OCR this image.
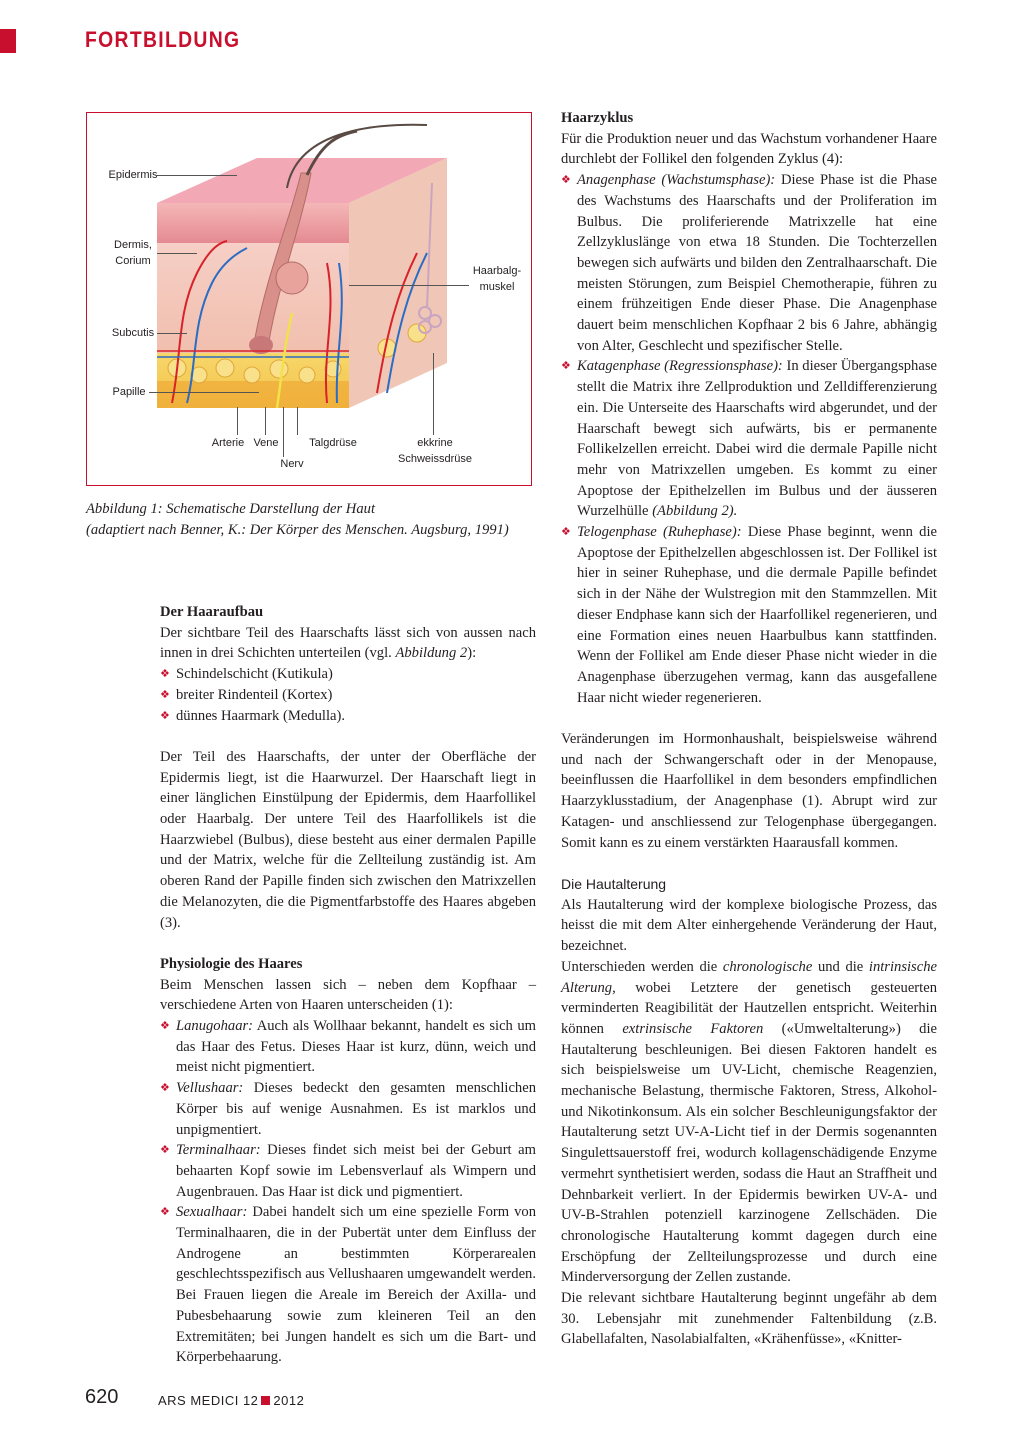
FORTBILDUNG
Epidermis
Dermis,
Corium
Subcutis
Papille
Haarbalg-
muskel
Arterie Vene	Talgdrüse
Nerv
ekkrine
Schweissdrüse
Abbildung 1: Schematische Darstellung der Haut
(adaptiert nach Benner, K.: Der Körper des Menschen. Augsburg, 1991)
Der Haaraufbau

Der sichtbare Teil des Haarschafts lässt sich von aussen nach innen in drei Schichten unterteilen (vgl. Abbildung 2):

❖ Schindelschicht (Kutikula)
❖ breiter Rindenteil (Kortex)
❖ dünnes Haarmark (Medulla).

Der Teil des Haarschafts, der unter der Oberfläche der Epidermis liegt, ist die Haarwurzel. Der Haarschaft liegt in einer länglichen Einstülpung der Epidermis, dem Haarfollikel oder Haarbalg. Der untere Teil des Haarfollikels ist die Haarzwiebel (Bulbus), diese besteht aus einer dermalen Papille und der Matrix, welche für die Zellteilung zuständig ist. Am oberen Rand der Papille finden sich zwischen den Matrixzellen die Melanozyten, die die Pigmentfarbstoffe des Haares abgeben (3).

Physiologie des Haares

Beim Menschen lassen sich – neben dem Kopfhaar – verschiedene Arten von Haaren unterscheiden (1):

❖ Lanugohaar: Auch als Wollhaar bekannt, handelt es sich um das Haar des Fetus. Dieses Haar ist kurz, dünn, weich und meist nicht pigmentiert.
❖ Vellushaar: Dieses bedeckt den gesamten menschlichen Körper bis auf wenige Ausnahmen. Es ist marklos und unpigmentiert.
❖ Terminalhaar: Dieses findet sich meist bei der Geburt am behaarten Kopf sowie im Lebensverlauf als Wimpern und Augenbrauen. Das Haar ist dick und pigmentiert.
❖ Sexualhaar: Dabei handelt sich um eine spezielle Form von Terminalhaaren, die in der Pubertät unter dem Einfluss der Androgene an bestimmten Körperarealen geschlechtsspezifisch aus Vellushaaren umgewandelt werden. Bei Frauen liegen die Areale im Bereich der Axilla- und Pubesbehaarung sowie zum kleineren Teil an den Extremitäten; bei Jungen handelt es sich um die Bart- und Körperbehaarung.
Haarzyklus

Für die Produktion neuer und das Wachstum vorhandener Haare durchlebt der Follikel den folgenden Zyklus (4):

❖ Anagenphase (Wachstumsphase): Diese Phase ist die Phase des Wachstums des Haarschafts und der Proliferation im Bulbus. Die proliferierende Matrixzelle hat eine Zellzykluslänge von etwa 18 Stunden. Die Tochterzellen bewegen sich aufwärts und bilden den Zentralhaarschaft. Die meisten Störungen, zum Beispiel Chemotherapie, führen zu einem frühzeitigen Ende dieser Phase. Die Anagenphase dauert beim menschlichen Kopfhaar 2 bis 6 Jahre, abhängig von Alter, Geschlecht und spezifischer Stelle.
❖ Katagenphase (Regressionsphase): In dieser Übergangsphase stellt die Matrix ihre Zellproduktion und Zelldifferenzierung ein. Die Unterseite des Haarschafts wird abgerundet, und der Haarschaft bewegt sich aufwärts, bis er permanente Follikelzellen erreicht. Dabei wird die dermale Papille nicht mehr von Matrixzellen umgeben. Es kommt zu einer Apoptose der Epithelzellen im Bulbus und der äusseren Wurzelhülle (Abbildung 2).
❖ Telogenphase (Ruhephase): Diese Phase beginnt, wenn die Apoptose der Epithelzellen abgeschlossen ist. Der Follikel ist hier in seiner Ruhephase, und die dermale Papille befindet sich in der Nähe der Wulstregion mit den Stammzellen. Mit dieser Endphase kann sich der Haarfollikel regenerieren, und eine Formation eines neuen Haarbulbus kann stattfinden. Wenn der Follikel am Ende dieser Phase nicht wieder in die Anagenphase überzugehen vermag, kann das ausgefallene Haar nicht wieder regenerieren.

Veränderungen im Hormonhaushalt, beispielsweise während und nach der Schwangerschaft oder in der Menopause, beeinflussen die Haarfollikel in dem besonders empfindlichen Haarzyklusstadium, der Anagenphase (1). Abrupt wird zur Katagen- und anschliessend zur Telogenphase übergegangen. Somit kann es zu einem verstärkten Haarausfall kommen.

Die Hautalterung

Als Hautalterung wird der komplexe biologische Prozess, das heisst die mit dem Alter einhergehende Veränderung der Haut, bezeichnet.

Unterschieden werden die chronologische und die intrinsische Alterung, wobei Letztere der genetisch gesteuerten verminderten Reagibilität der Hautzellen entspricht. Weiterhin können extrinsische Faktoren («Umweltalterung») die Hautalterung beschleunigen. Bei diesen Faktoren handelt es sich beispielsweise um UV-Licht, chemische Reagenzien, mechanische Belastung, thermische Faktoren, Stress, Alkohol- und Nikotinkonsum. Als ein solcher Beschleunigungsfaktor der Hautalterung setzt UV-A-Licht tief in der Dermis sogenannten Singulettsauerstoff frei, wodurch kollagenschädigende Enzyme vermehrt synthetisiert werden, sodass die Haut an Straffheit und Dehnbarkeit verliert. In der Epidermis bewirken UV-A- und UV-B-Strahlen potenziell karzinogene Zellschäden. Die chronologische Hautalterung kommt dagegen durch eine Erschöpfung der Zellteilungsprozesse und durch eine Minderversorgung der Zellen zustande.

Die relevant sichtbare Hautalterung beginnt ungefähr ab dem 30. Lebensjahr mit zunehmender Faltenbildung (z.B. Glabellafalten, Nasolabialfalten, «Krähenfüsse», «Knitter-

620	ARS MEDICI 12 2012
